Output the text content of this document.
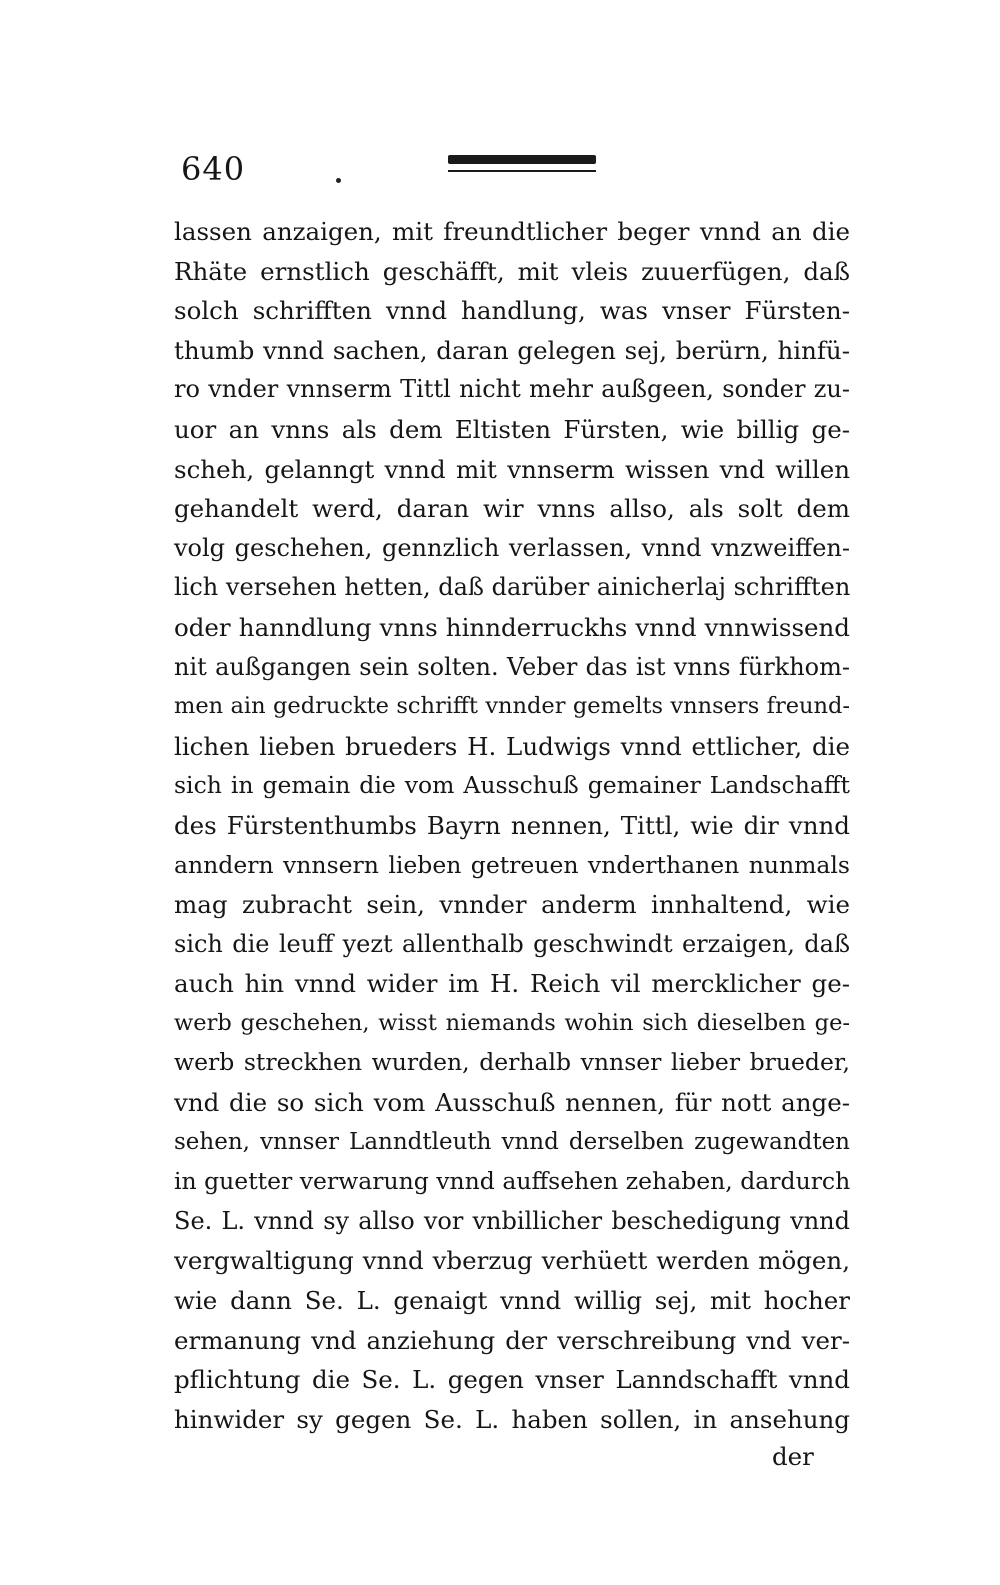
640
lassen anzaigen, mit freundtlicher beger vnnd an die
Rhäte ernstlich geschäfft, mit vleis zuuerfügen, daß
solch schrifften vnnd handlung, was vnser Fürsten-
thumb vnnd sachen, daran gelegen sej, berürn, hinfü-
ro vnder vnnserm Tittl nicht mehr außgeen, sonder zu-
uor an vnns als dem Eltisten Fürsten, wie billig ge-
scheh, gelanngt vnnd mit vnnserm wissen vnd willen
gehandelt werd, daran wir vnns allso, als solt dem
volg geschehen, gennzlich verlassen, vnnd vnzweiffen-
lich versehen hetten, daß darüber ainicherlaj schrifften
oder hanndlung vnns hinnderruckhs vnnd vnnwissend
nit außgangen sein solten. Veber das ist vnns fürkhom-
men ain gedruckte schrifft vnnder gemelts vnnsers freund-
lichen lieben brueders H. Ludwigs vnnd ettlicher, die
sich in gemain die vom Ausschuß gemainer Landschafft
des Fürstenthumbs Bayrn nennen, Tittl, wie dir vnnd
anndern vnnsern lieben getreuen vnderthanen nunmals
mag zubracht sein, vnnder anderm innhaltend, wie
sich die leuff yezt allenthalb geschwindt erzaigen, daß
auch hin vnnd wider im H. Reich vil mercklicher ge-
werb geschehen, wisst niemands wohin sich dieselben ge-
werb streckhen wurden, derhalb vnnser lieber brueder,
vnd die so sich vom Ausschuß nennen, für nott ange-
sehen, vnnser Lanndtleuth vnnd derselben zugewandten
in guetter verwarung vnnd auffsehen zehaben, dardurch
Se. L. vnnd sy allso vor vnbillicher beschedigung vnnd
vergwaltigung vnnd vberzug verhüett werden mögen,
wie dann Se. L. genaigt vnnd willig sej, mit hocher
ermanung vnd anziehung der verschreibung vnd ver-
pflichtung die Se. L. gegen vnser Lanndschafft vnnd
hinwider sy gegen Se. L. haben sollen, in ansehung
der
